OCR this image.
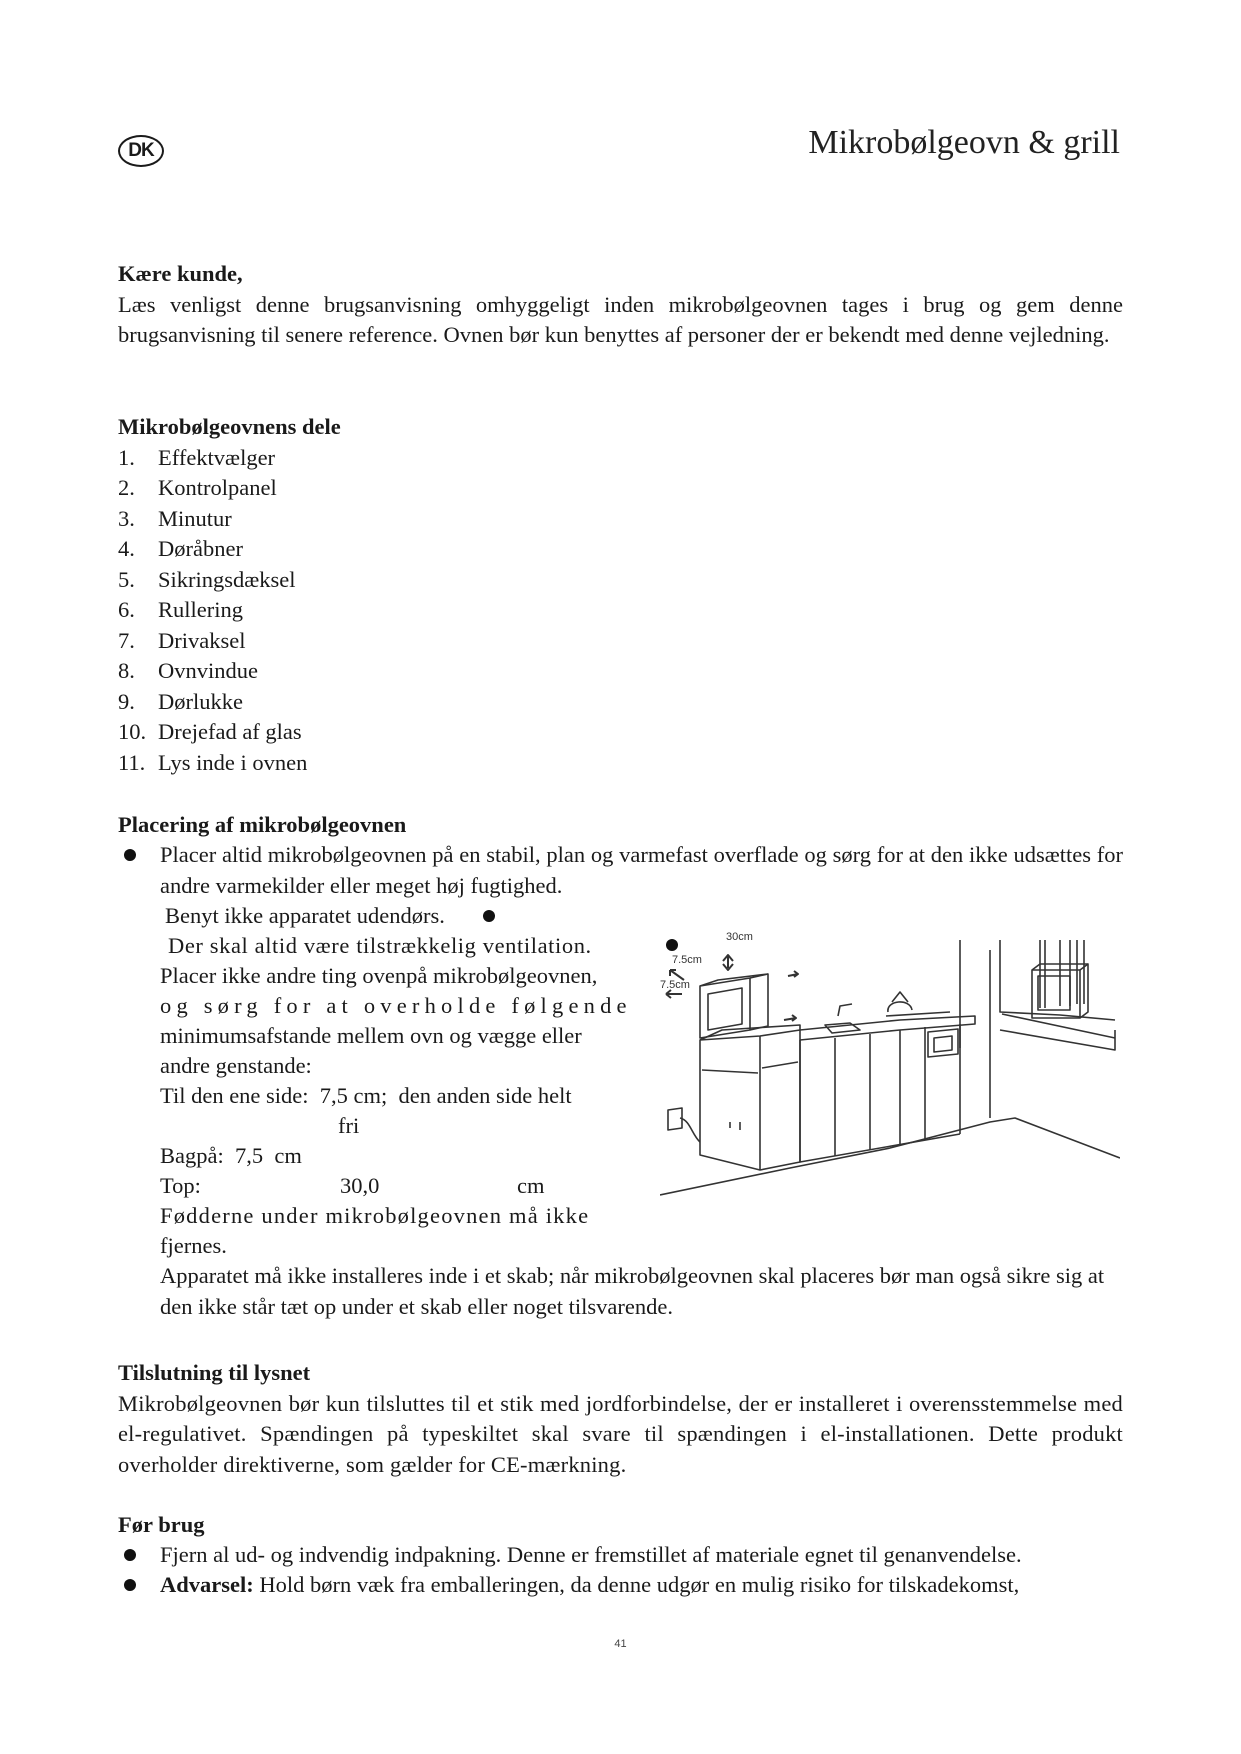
DK	Mikrobølgeovn & grill
Kære kunde,
Læs venligst denne brugsanvisning omhyggeligt inden mikrobølgeovnen tages i brug og gem denne brugsanvisning til senere reference. Ovnen bør kun benyttes af personer der er bekendt med denne vejledning.
Mikrobølgeovnens dele
1. Effektvælger
2. Kontrolpanel
3. Minutur
4. Døråbner
5. Sikringsdæksel
6. Rullering
7. Drivaksel
8. Ovnvindue
9. Dørlukke
10. Drejefad af glas
11. Lys inde i ovnen
Placering af mikrobølgeovnen
Placer altid mikrobølgeovnen på en stabil, plan og varmefast overflade og sørg for at den ikke udsættes for andre varmekilder eller meget høj fugtighed.
Benyt ikke apparatet udendørs.
Der skal altid være tilstrækkelig ventilation.
Placer ikke andre ting ovenpå mikrobølgeovnen,
og sørg for at overholde følgende
minimumsafstande mellem ovn og vægge eller
andre genstande:
Til den ene side: 7,5 cm; den anden side helt
fri
Bagpå: 7,5 cm
Top:	30,0	cm
Fødderne under mikrobølgeovnen må ikke
fjernes.
Apparatet må ikke installeres inde i et skab; når mikrobølgeovnen skal placeres bør man også sikre sig at den ikke står tæt op under et skab eller noget tilsvarende.
30cm
7.5cm
7.5cm
Tilslutning til lysnet
Mikrobølgeovnen bør kun tilsluttes til et stik med jordforbindelse, der er installeret i overensstemmelse med el-regulativet. Spændingen på typeskiltet skal svare til spændingen i el-installationen. Dette produkt overholder direktiverne, som gælder for CE-mærkning.
Før brug
Fjern al ud- og indvendig indpakning. Denne er fremstillet af materiale egnet til genanvendelse.
Advarsel: Hold børn væk fra emballeringen, da denne udgør en mulig risiko for tilskadekomst,
41
